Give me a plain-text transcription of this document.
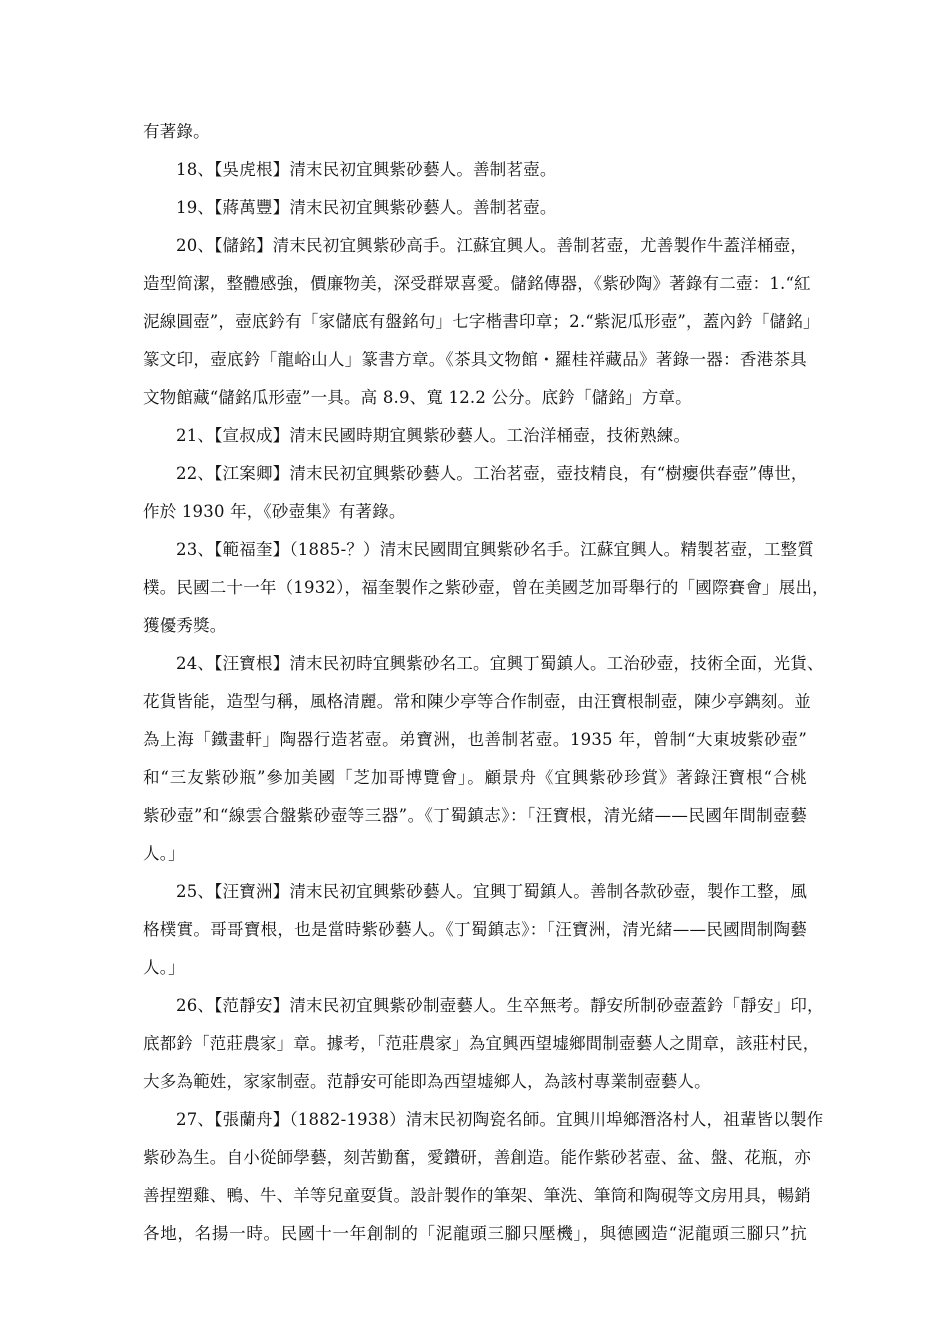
有著錄。
18、【吳虎根】清末民初宜興紫砂藝人。善制茗壺。
19、【蔣萬豐】清末民初宜興紫砂藝人。善制茗壺。
20、【儲銘】清末民初宜興紫砂高手。江蘇宜興人。善制茗壺，尤善製作牛蓋洋桶壺，
造型简潔，整體感強，價廉物美，深受群眾喜愛。儲銘傳器，《紫砂陶》著錄有二壺：1.“紅
泥線圓壺”，壺底鈐有「家儲底有盤銘句」七字楷書印章；2.“紫泥瓜形壺”，蓋內鈐「儲銘」
篆文印，壺底鈐「龍峪山人」篆書方章。《茶具文物館・羅桂祥藏品》著錄一器：香港茶具
文物館藏“儲銘瓜形壺”一具。高 8.9、寬 12.2 公分。底鈐「儲銘」方章。
21、【宣叔成】清末民國時期宜興紫砂藝人。工治洋桶壺，技術熟練。
22、【江案卿】清末民初宜興紫砂藝人。工治茗壺，壺技精良，有“樹癭供春壺”傳世，
作於 1930 年，《砂壺集》有著錄。
23、【範福奎】（1885-？）清末民國間宜興紫砂名手。江蘇宜興人。精製茗壺，工整質
樸。民國二十一年（1932），福奎製作之紫砂壺，曾在美國芝加哥舉行的「國際賽會」展出，
獲優秀獎。
24、【汪寶根】清末民初時宜興紫砂名工。宜興丁蜀鎮人。工治砂壺，技術全面，光貨、
花貨皆能，造型勻稱，風格清麗。常和陳少亭等合作制壺，由汪寶根制壺，陳少亭鐫刻。並
為上海「鐵畫軒」陶器行造茗壺。弟寶洲，也善制茗壺。1935 年，曾制“大東坡紫砂壺”
和“三友紫砂瓶”參加美國「芝加哥博覽會」。顧景舟《宜興紫砂珍賞》著錄汪寶根“合桃
紫砂壺”和“線雲合盤紫砂壺等三器”。《丁蜀鎮志》：「汪寶根，清光緒——民國年間制壺藝
人。」
25、【汪寶洲】清末民初宜興紫砂藝人。宜興丁蜀鎮人。善制各款砂壺，製作工整，風
格樸實。哥哥寶根，也是當時紫砂藝人。《丁蜀鎮志》：「汪寶洲，清光緒——民國間制陶藝
人。」
26、【范靜安】清末民初宜興紫砂制壺藝人。生卒無考。靜安所制砂壺蓋鈐「靜安」印，
底都鈐「范莊農家」章。據考，「范莊農家」為宜興西望墟鄉間制壺藝人之閒章，該莊村民，
大多為範姓，家家制壺。范靜安可能即為西望墟鄉人，為該村專業制壺藝人。
27、【張蘭舟】（1882-1938）清末民初陶瓷名師。宜興川埠鄉潛洛村人，祖輩皆以製作
紫砂為生。自小從師學藝，刻苦勤奮，愛鑽研，善創造。能作紫砂茗壺、盆、盤、花瓶，亦
善捏塑雞、鴨、牛、羊等兒童耍貨。設計製作的筆架、筆洗、筆筒和陶硯等文房用具，暢銷
各地，名揚一時。民國十一年創制的「泥龍頭三腳只壓機」，與德國造“泥龍頭三腳只”抗
